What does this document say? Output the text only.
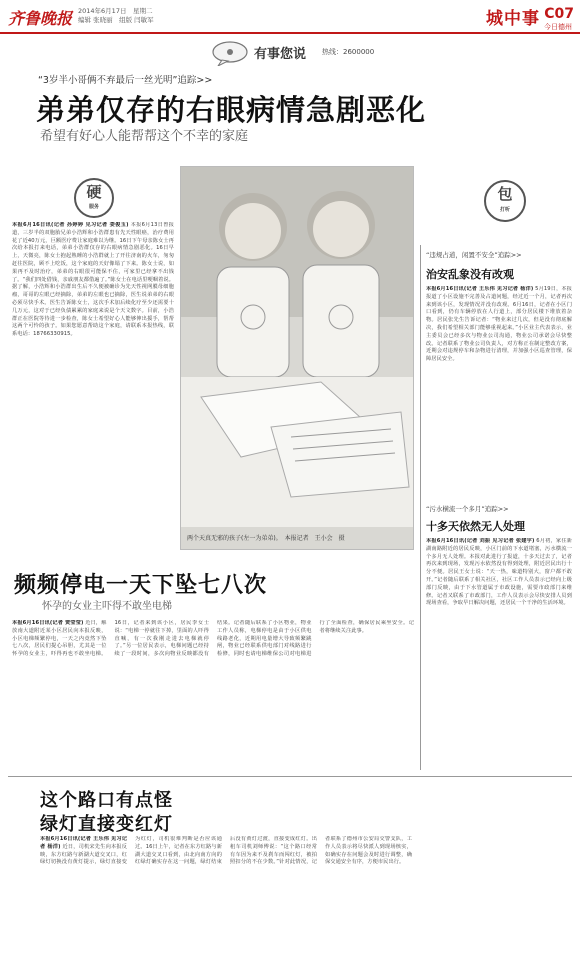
齐鲁晚报 2014年6月17日　星期二
编辑 张晓丽　组版 闫敏军	城中事 C07
今日德州
有事您说 热线：2600000
“3岁半小哥俩不弃最后一丝光明”追踪>>
弟弟仅存的右眼病情急剧恶化
希望有好心人能帮帮这个不幸的家庭
硬
服务
本报6月16日讯(记者 孙婷婷 见习记者 娄俊玉) 本报6月13日曾报道，三岁半的双胞胎兄弟小浩辉和小浩群患有先天性眼癌，治疗费用花了近40万元，巨额医疗费让家庭难以为继。16日下午母亲陈女士再次给本报打来电话，弟弟小浩群仅存的右眼病情急剧恶化。16日早上，天微亮，陈女士抱起熟睡的小浩群就上了开往济南的火车，匆匆赶往医院，顾不上吃饭，这个家庭的天好像塌了下来。陈女士说，如果再不及时治疗，弟弟的右眼很可能保不住，可家里已经拿不出钱了。“我们四处借钱，亲戚朋友都借遍了。”陈女士在电话里哽咽着说。据了解，小浩辉和小浩群出生后不久便被确诊为先天性视网膜母细胞瘤，哥哥的左眼已经摘除，弟弟的左眼也已摘除，医生说弟弟的右眼必须尽快手术。医生告诉陈女士，这次手术加后续化疗至少还需要十几万元，这对于已经负债累累的家庭来说是个天文数字。目前，小浩群正在医院等待进一步检查，陈女士希望好心人能够伸出援手，帮帮这两个可怜的孩子。如果您愿意帮助这个家庭，请联系本报热线，联系电话：18766330915。
两个天真无邪的孩子(左一为弟弟)。　本报记者　王小会　摄
包
打听
“违规占道，闲置不安全”追踪>>
治安乱象没有改观
本报6月16日讯(记者 王乐伟 见习记者 杨洋) 5月19日，本报报道了小区设施不完善及占道问题，经过近一个月，记者再次来到该小区，发现情况并没有改观。6月16日，记者在小区门口看到，仍有车辆停放在人行道上，部分居民楼下堆放着杂物。居民张先生告诉记者：“物业来过几次，但是没有彻底解决，我们希望相关部门能够重视起来。”小区业主代表表示，业主委员会已经多次与物业公司沟通，物业公司承诺会尽快整改。记者联系了物业公司负责人，对方称正在制定整改方案，近期会对违规停车和杂物进行清理，并加强小区巡查管理，保障居民安全。
“污水横流一个多月”追踪>>
十多天依然无人处理
本报6月16日讯(记者 刘振 见习记者 张建宇) 6月初，家住新湖南路附近的居民反映，小区门前的下水道堵塞，污水横流一个多月无人处理。本报对此进行了报道，十多天过去了，记者再次来到现场，发现污水依然没有得到处理，附近居民出行十分不便。居民王女士说：“天一热，味道特别大，窗户都不敢开。”记者随后联系了相关社区，社区工作人员表示已经向上级部门反映，由于下水管道属于市政设施，需要市政部门来维修。记者又联系了市政部门，工作人员表示会尽快安排人员到现场查看，争取早日解决问题，还居民一个干净的生活环境。
频频停电一天下坠七八次
怀孕的女业主吓得不敢坐电梯
本报6月16日讯(记者 贾莹莹) 近日，解放南大道附近某小区居民向本报反映，小区电梯频繁停电，一天之内竟然下坠七八次，居民们提心吊胆，尤其是一位怀孕的女业主，吓得再也不敢坐电梯。16日，记者来到该小区，居民李女士说：“电梯一停就往下掉，里面的人吓得直喊，有一次我刚走进去电梯就停了。”另一位居民表示，电梯问题已经持续了一段时间，多次向物业反映都没有结果。记者随后联系了小区物业，物业工作人员称，电梯停电是由于小区供电线路老化，近期用电量增大导致频繁跳闸，物业已经联系供电部门对线路进行检修，同时也请电梯维保公司对电梯进行了全面检查，确保居民乘坐安全。记者将继续关注此事。
这个路口有点怪
绿灯直接变红灯
本报6月16日讯(记者 王乐伟 见习记者 杨洋) 近日，司机宋先生向本报反映，东方红路与新湖大道交叉口，红绿灯切换没有黄灯提示，绿灯直接变为红灯，司机很难判断是否应该通过。16日上午，记者在东方红路与新湖大道交叉口看到，由北向南方向的红绿灯确实存在这一问题，绿灯结束后没有黄灯过渡，直接变成红灯。出租车司机刘师傅说：“这个路口经常有车因为来不及刹车而闯红灯，被拍照扣分的不在少数。”针对此情况，记者联系了德州市公安局交警支队，工作人员表示将尽快派人到现场核实，如确实存在问题会及时进行调整，确保交通安全有序，方便市民出行。
